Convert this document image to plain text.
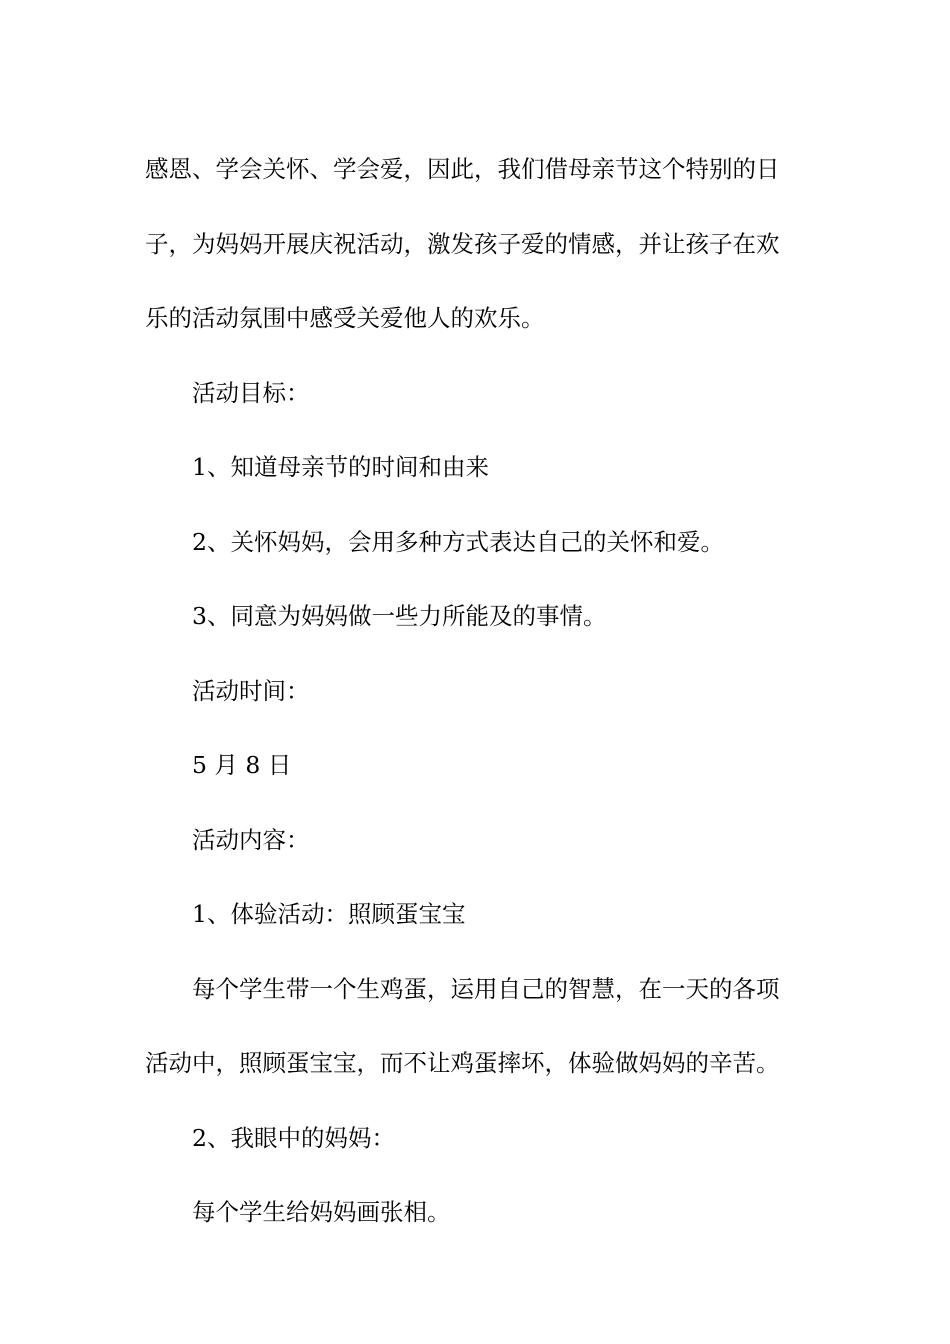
感恩、学会关怀、学会爱，因此，我们借母亲节这个特别的日
子，为妈妈开展庆祝活动，激发孩子爱的情感，并让孩子在欢
乐的活动氛围中感受关爱他人的欢乐。
活动目标：
1、知道母亲节的时间和由来
2、关怀妈妈，会用多种方式表达自己的关怀和爱。
3、同意为妈妈做一些力所能及的事情。
活动时间：
5 月 8 日
活动内容：
1、体验活动：照顾蛋宝宝
每个学生带一个生鸡蛋，运用自己的智慧，在一天的各项
活动中，照顾蛋宝宝，而不让鸡蛋摔坏，体验做妈妈的辛苦。
2、我眼中的妈妈：
每个学生给妈妈画张相。
